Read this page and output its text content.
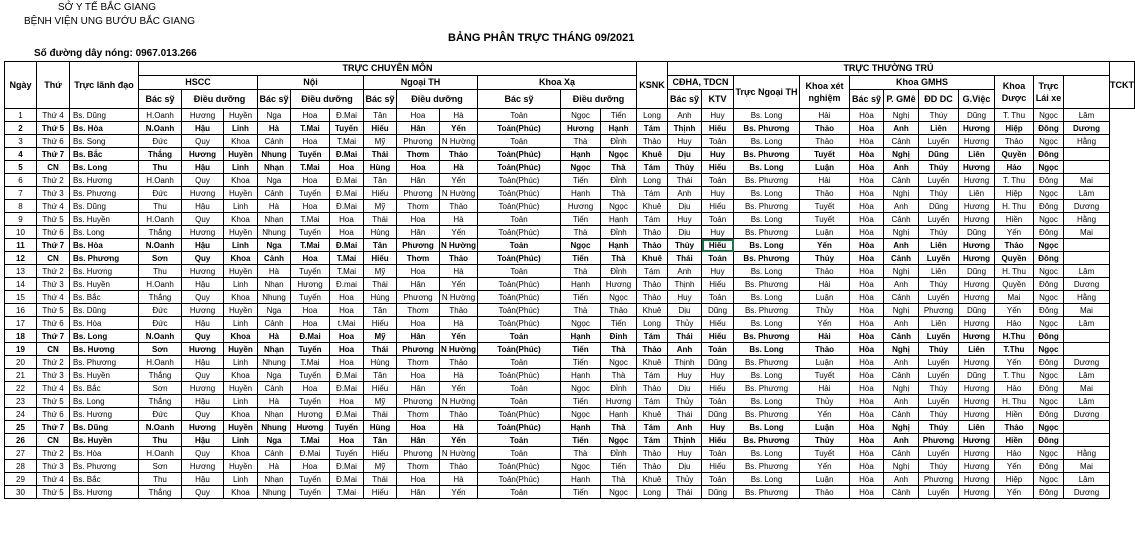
SỞ Y TẾ BẮC GIANG
BỆNH VIỆN UNG BƯỚU BẮC GIANG
BẢNG PHÂN TRỰC THÁNG 09/2021
Số đường dây nóng: 0967.013.266
Ngày	Thứ	Trực lãnh đạo	TRỰC CHUYÊN MÔN												KSNK	TRỰC THƯỜNG TRÚ											TCKT
			HSCC			Nội			Ngoại TH			Khoa Xạ				CĐHA, TDCN		Trực Ngoại TH	Khoa xét nghiệm	Khoa GMHS				Khoa Dược	Trực Lái xe		
			Bác sỹ	Điều dưỡng		Bác sỹ	Điều dưỡng		Bác sỹ	Điều dưỡng		Bác sỹ	Điều dưỡng			Bác sỹ	KTV			Bác sỹ	P. GMê	ĐD DC	G.Việc				
1	Thứ 4	Bs. Dũng	H.Oanh	Hương	Huyền	Nga	Hoa	Đ.Mai	Tân	Hoa	Hà	Toản	Ngọc	Tiến	Long	Anh	Huy	Bs. Long	Hải	Hòa	Nghị	Thúy	Dũng	T. Thu	Ngọc	Lâm	
2	Thứ 5	Bs. Hòa	N.Oanh	Hậu	Linh	Hà	T.Mai	Tuyến	Hiếu	Hân	Yến	Toản(Phúc)	Hương	Hạnh	Tám	Thịnh	Hiếu	Bs. Phương	Thảo	Hòa	Anh	Liên	Hương	Hiệp	Đông	Dương	
3	Thứ 6	Bs. Song	Đức	Quy	Khoa	Cảnh	Hoa	T.Mai	Mỹ	Phương	N Hường	Toản	Thà	Đỉnh	Thảo	Huy	Toản	Bs. Long	Thảo	Hòa	Cảnh	Luyến	Hương	Thảo	Ngọc	Hằng	
4	Thứ 7	Bs. Bắc	Thắng	Hương	Huyền	Nhung	Tuyến	Đ.Mai	Thái	Thơm	Thảo	Toản(Phúc)	Hạnh	Ngọc	Khuê	Dịu	Huy	Bs. Phương	Tuyết	Hòa	Nghị	Dũng	Liên	Quyền	Đông		
5	CN	Bs. Long	Thu	Hậu	Linh	Nhạn	T.Mai	Hoa	Hùng	Hoa	Hà	Toản(Phúc)	Ngọc	Thà	Tám	Thủy	Hiếu	Bs. Long	Luận	Hòa	Anh	Thúy	Hương	Hảo	Ngọc		
6	Thứ 2	Bs. Hương	H.Oanh	Quy	Khoa	Nga	Hoa	Đ.Mai	Tân	Hân	Yến	Toản(Phúc)	Tiến	Đỉnh	Long	Thái	Toản	Bs. Phương	Hải	Hòa	Cảnh	Luyến	Hương	T. Thu	Đông	Mai	
7	Thứ 3	Bs. Phương	Đức	Hương	Huyền	Cảnh	Tuyến	Đ.Mai	Hiếu	Phương	N Hường	Toản(Phúc)	Hạnh	Thà	Tám	Anh	Huy	Bs. Long	Thảo	Hòa	Nghị	Thúy	Liên	Hiệp	Ngọc	Lâm	
8	Thứ 4	Bs. Dũng	Thu	Hậu	Linh	Hà	Hoa	Đ.Mai	Mỹ	Thơm	Thảo	Toản(Phúc)	Hương	Ngọc	Khuê	Dịu	Hiếu	Bs. Phương	Tuyết	Hòa	Anh	Dũng	Hương	H. Thu	Đông	Dương	
9	Thứ 5	Bs. Huyền	H.Oanh	Quy	Khoa	Nhạn	T.Mai	Hoa	Thái	Hoa	Hà	Toản	Tiến	Hạnh	Tám	Huy	Toản	Bs. Long	Tuyết	Hòa	Cảnh	Luyến	Hương	Hiền	Ngọc	Hằng	
10	Thứ 6	Bs. Long	Thắng	Hương	Huyền	Nhung	Tuyến	Hoa	Hùng	Hân	Yến	Toản(Phúc)	Thà	Đỉnh	Thảo	Dịu	Huy	Bs. Phương	Luận	Hòa	Nghị	Thúy	Dũng	Yến	Đông	Mai	
11	Thứ 7	Bs. Hòa	N.Oanh	Hậu	Linh	Nga	T.Mai	Đ.Mai	Tân	Phương	N Hường	Toản	Ngọc	Hạnh	Thảo	Thủy	Hiếu	Bs. Long	Yến	Hòa	Anh	Liên	Hương	Thảo	Ngọc		
12	CN	Bs. Phương	Sơn	Quy	Khoa	Cảnh	Hoa	T.Mai	Hiếu	Thơm	Thảo	Toản(Phúc)	Tiến	Thà	Khuê	Thái	Toản	Bs. Phương	Thủy	Hòa	Cảnh	Luyến	Hương	Quyền	Đông		
13	Thứ 2	Bs. Hương	Thu	Hương	Huyền	Hà	Tuyến	T.Mai	Mỹ	Hoa	Hà	Toản	Thà	Đỉnh	Tám	Anh	Huy	Bs. Long	Thảo	Hòa	Nghị	Liên	Dũng	H. Thu	Ngọc	Lâm	
14	Thứ 3	Bs. Huyền	H.Oanh	Hậu	Linh	Nhạn	Hương	Đ.mai	Thái	Hân	Yến	Toản(Phúc)	Hạnh	Hương	Thảo	Thịnh	Hiếu	Bs. Phương	Hải	Hòa	Anh	Thúy	Hương	Quyền	Đông	Dương	
15	Thứ 4	Bs. Bắc	Thắng	Quy	Khoa	Nhung	Tuyến	Hoa	Hùng	Phương	N Hường	Toản(Phúc)	Tiến	Ngọc	Thảo	Huy	Toản	Bs. Long	Luận	Hòa	Cảnh	Luyến	Hương	Mai	Ngọc	Hằng	
16	Thứ 5	Bs. Dũng	Đức	Hương	Huyền	Nga	Hoa	Hoa	Tân	Thơm	Thảo	Toản(Phúc)	Thà	Thảo	Khuê	Dịu	Dũng	Bs. Phương	Thủy	Hòa	Nghị	Phương	Dũng	Yến	Đông	Mai	
17	Thứ 6	Bs. Hòa	Đức	Hậu	Linh	Cảnh	Hoa	t.Mai	Hiếu	Hoa	Hà	Toản(Phúc)	Ngọc	Tiến	Long	Thủy	Hiếu	Bs. Long	Yến	Hòa	Anh	Liên	Hương	Hảo	Ngọc	Lâm	
18	Thứ 7	Bs. Long	N.Oanh	Quy	Khoa	Hà	Đ.Mai	Hoa	Mỹ	Hân	Yến	Toản	Hạnh	Đỉnh	Tám	Thái	Hiếu	Bs. Phương	Hải	Hòa	Cảnh	Luyến	Hương	H.Thu	Đông		
19	CN	Bs. Hương	Sơn	Hương	Huyền	Nhạn	Tuyến	Hoa	Thái	Phương	N Hường	Toản(Phúc)	Tiến	Thà	Thảo	Anh	Toản	Bs. Long	Thảo	Hòa	Nghị	Thúy	Liên	T.Thu	Ngọc		
20	Thứ 2	Bs. Phương	H.Oanh	Hậu	Linh	Nhung	T.Mai	Hoa	Hùng	Thơm	Thảo	Toản	Tiến	Ngọc	Khuê	Thịnh	Dũng	Bs. Phương	Luận	Hòa	Anh	Luyến	Hương	Yến	Đông	Dương	
21	Thứ 3	Bs. Huyền	Thắng	Quy	Khoa	Nga	Tuyến	Đ.Mai	Tân	Hoa	Hà	Toản(Phúc)	Hạnh	Thà	Tám	Huy	Huy	Bs. Long	Tuyết	Hòa	Cảnh	Luyến	Dũng	T. Thu	Ngọc	Lâm	
22	Thứ 4	Bs. Bắc	Sơn	Hương	Huyền	Cảnh	Hoa	Đ.Mai	Hiếu	Hân	Yến	Toản	Ngọc	Đỉnh	Thảo	Dịu	Hiếu	Bs. Phương	Hải	Hòa	Nghị	Thúy	Hương	Hảo	Đông	Mai	
23	Thứ 5	Bs. Long	Thắng	Hậu	Linh	Hà	Tuyến	Hoa	Mỹ	Phương	N Hường	Toản	Tiến	Hương	Tám	Thủy	Toản	Bs. Long	Thủy	Hòa	Anh	Luyến	Hương	H. Thu	Ngọc	Lâm	
24	Thứ 6	Bs. Hương	Đức	Quy	Khoa	Nhạn	Hương	Đ.Mai	Thái	Thơm	Thảo	Toản(Phúc)	Ngọc	Hạnh	Khuê	Thái	Dũng	Bs. Phương	Yến	Hòa	Cảnh	Thúy	Hương	Hiền	Đông	Dương	
25	Thứ 7	Bs. Dũng	N.Oanh	Hương	Huyền	Nhung	Hương	Tuyến	Hùng	Hoa	Hà	Toản(Phúc)	Hạnh	Thà	Tám	Anh	Huy	Bs. Long	Luận	Hòa	Nghị	Thúy	Liên	Thảo	Ngọc		
26	CN	Bs. Huyền	Thu	Hậu	Linh	Nga	T.Mai	Hoa	Tân	Hân	Yến	Toản	Tiến	Ngọc	Tám	Thịnh	Hiếu	Bs. Phương	Thủy	Hòa	Anh	Phương	Hương	Hiền	Đông		
27	Thứ 2	Bs. Hòa	H.Oanh	Quy	Khoa	Cảnh	Đ.Mai	Tuyến	Hiếu	Phương	N Hường	Toản	Thà	Đỉnh	Thảo	Huy	Toản	Bs. Long	Tuyết	Hòa	Cảnh	Luyến	Hương	Hảo	Ngọc	Hằng	
28	Thứ 3	Bs. Phương	Sơn	Hương	Huyền	Hà	Hoa	Đ.Mai	Mỹ	Thơm	Thảo	Toản(Phúc)	Ngọc	Tiến	Thảo	Dịu	Hiếu	Bs. Phương	Yến	Hòa	Nghị	Thúy	Hương	Yến	Đông	Mai	
29	Thứ 4	Bs. Bắc	Thu	Hậu	Linh	Nhạn	Tuyến	Đ.Mai	Thái	Hoa	Hà	Toản(Phúc)	Hạnh	Thà	Khuê	Thủy	Toản	Bs. Long	Luận	Hòa	Anh	Phương	Hương	Hiệp	Ngọc	Lâm	
30	Thứ 5	Bs. Hương	Thắng	Quy	Khoa	Nhung	Tuyến	T.Mai	Hiếu	Hân	Yến	Toản	Tiến	Ngọc	Long	Thái	Dũng	Bs. Phương	Thảo	Hòa	Cảnh	Luyến	Hương	Yến	Đông	Dương	
